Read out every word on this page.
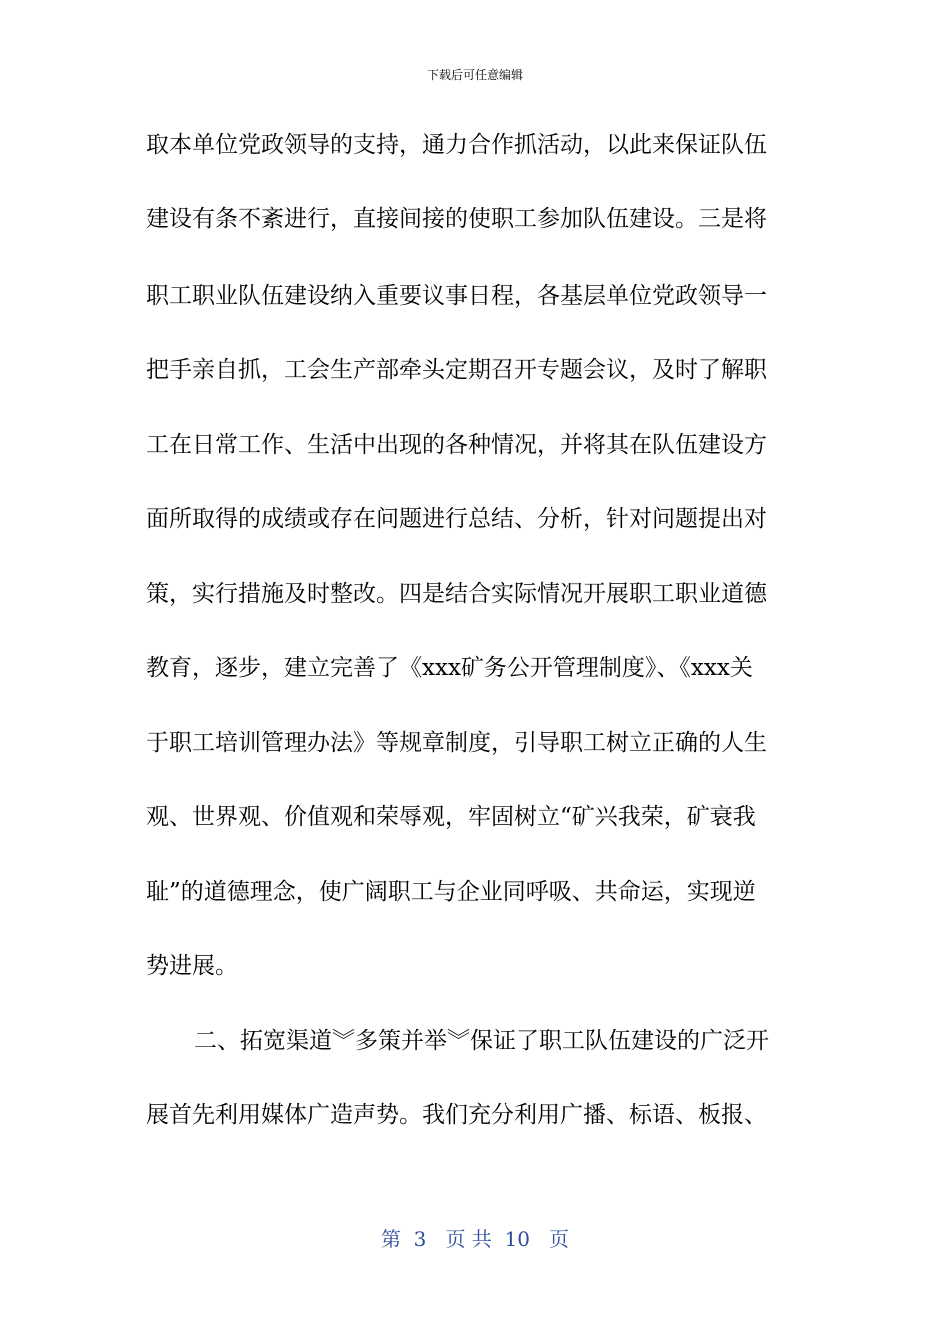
下载后可任意编辑
取本单位党政领导的支持，通力合作抓活动，以此来保证队伍
建设有条不紊进行，直接间接的使职工参加队伍建设。三是将
职工职业队伍建设纳入重要议事日程，各基层单位党政领导一
把手亲自抓，工会生产部牵头定期召开专题会议，及时了解职
工在日常工作、生活中出现的各种情况，并将其在队伍建设方
面所取得的成绩或存在问题进行总结、分析，针对问题提出对
策，实行措施及时整改。四是结合实际情况开展职工职业道德
教育，逐步，建立完善了《xxx矿务公开管理制度》、《xxx关
于职工培训管理办法》等规章制度，引导职工树立正确的人生
观、世界观、价值观和荣辱观，牢固树立“矿兴我荣，矿衰我
耻”的道德理念，使广阔职工与企业同呼吸、共命运，实现逆
势进展。
二、拓宽渠道︾多策并举︾保证了职工队伍建设的广泛开
展首先利用媒体广造声势。我们充分利用广播、标语、板报、
第  3   页 共  10   页
